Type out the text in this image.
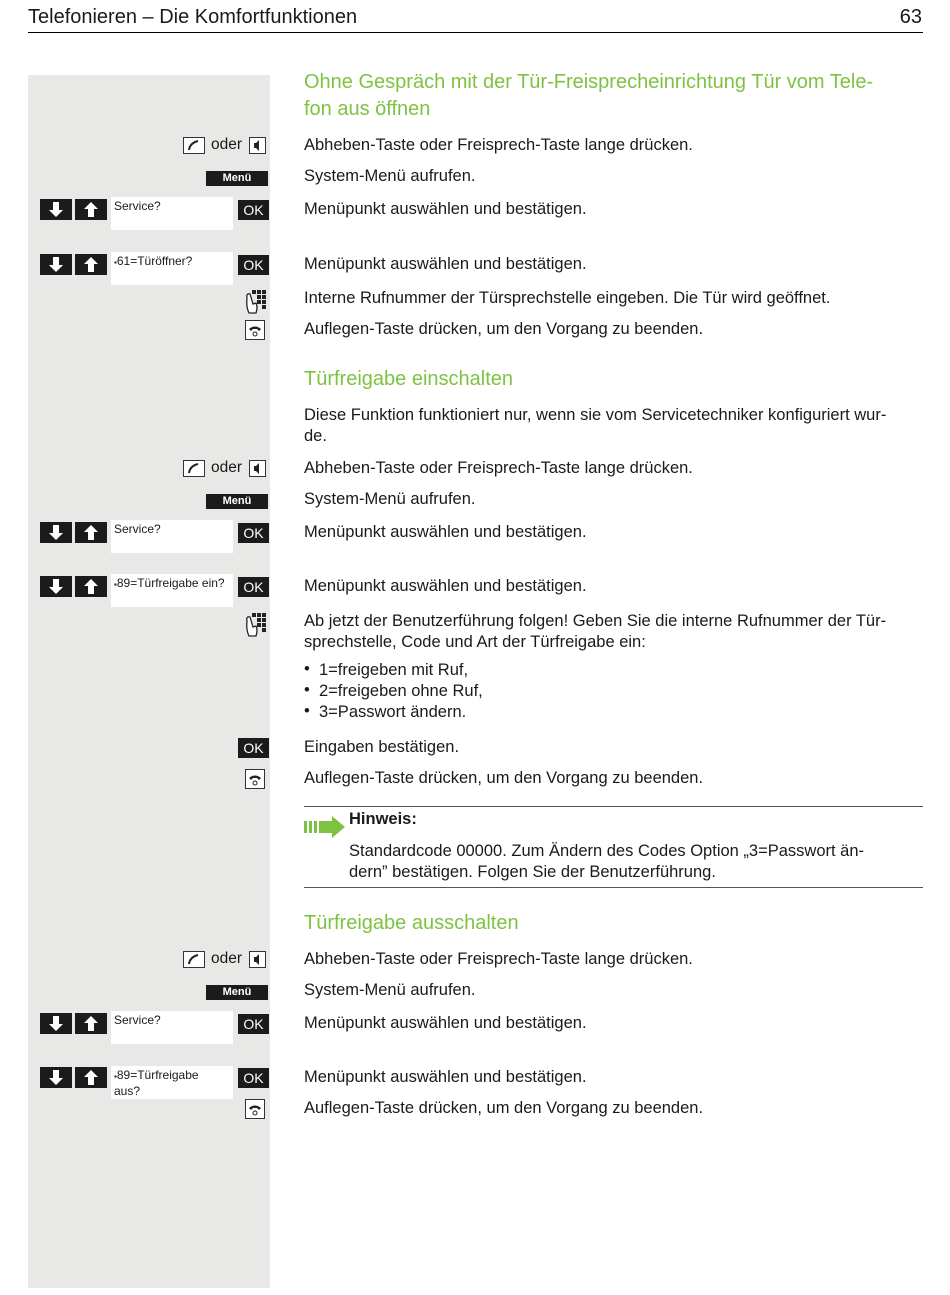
Telefonieren – Die Komfortfunktionen	63
Ohne Gespräch mit der Tür-Freisprecheinrichtung Tür vom Tele-
fon aus öffnen
oder	Abheben-Taste oder Freisprech-Taste lange drücken.
Menü	System-Menü aufrufen.
Service?	OK	Menüpunkt auswählen und bestätigen.
▪61=Türöffner?	OK	Menüpunkt auswählen und bestätigen.
Interne Rufnummer der Türsprechstelle eingeben. Die Tür wird geöffnet.
Auflegen-Taste drücken, um den Vorgang zu beenden.
Türfreigabe einschalten
Diese Funktion funktioniert nur, wenn sie vom Servicetechniker konfiguriert wur-
de.
oder	Abheben-Taste oder Freisprech-Taste lange drücken.
Menü	System-Menü aufrufen.
Service?	OK	Menüpunkt auswählen und bestätigen.
▪89=Türfreigabe ein?	OK	Menüpunkt auswählen und bestätigen.
Ab jetzt der Benutzerführung folgen! Geben Sie die interne Rufnummer der Tür-
sprechstelle, Code und Art der Türfreigabe ein:
• 1=freigeben mit Ruf,
• 2=freigeben ohne Ruf,
• 3=Passwort ändern.
OK	Eingaben bestätigen.
Auflegen-Taste drücken, um den Vorgang zu beenden.
Hinweis:
Standardcode 00000. Zum Ändern des Codes Option „3=Passwort än-
dern” bestätigen. Folgen Sie der Benutzerführung.
Türfreigabe ausschalten
oder	Abheben-Taste oder Freisprech-Taste lange drücken.
Menü	System-Menü aufrufen.
Service?	OK	Menüpunkt auswählen und bestätigen.
▪89=Türfreigabe
aus?
OK	Menüpunkt auswählen und bestätigen.
Auflegen-Taste drücken, um den Vorgang zu beenden.
